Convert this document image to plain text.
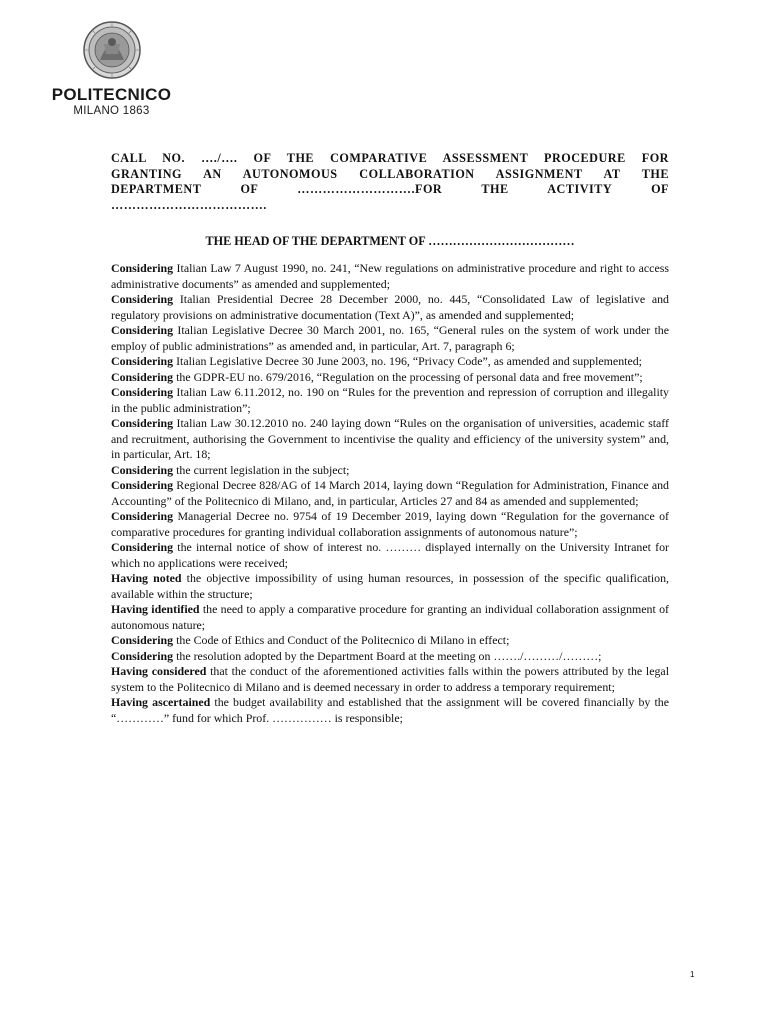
POLITECNICO
MILANO 1863

CALL NO. …./…. OF THE COMPARATIVE ASSESSMENT PROCEDURE FOR

GRANTING AN AUTONOMOUS COLLABORATION ASSIGNMENT AT THE

DEPARTMENT OF ……………………….FOR THE ACTIVITY OF

……………………………….

THE HEAD OF THE DEPARTMENT OF ………………………………

Considering Italian Law 7 August 1990, no. 241, “New regulations on administrative procedure and right to access administrative documents” as amended and supplemented;

Considering Italian Presidential Decree 28 December 2000, no. 445, “Consolidated Law of legislative and regulatory provisions on administrative documentation (Text A)”, as amended and supplemented;

Considering Italian Legislative Decree 30 March 2001, no. 165, “General rules on the system of work under the employ of public administrations” as amended and, in particular, Art. 7, paragraph 6;

Considering Italian Legislative Decree 30 June 2003, no. 196, “Privacy Code”, as amended and supplemented;

Considering the GDPR-EU no. 679/2016, “Regulation on the processing of personal data and free movement”;

Considering Italian Law 6.11.2012, no. 190 on “Rules for the prevention and repression of corruption and illegality in the public administration”;

Considering Italian Law 30.12.2010 no. 240 laying down “Rules on the organisation of universities, academic staff and recruitment, authorising the Government to incentivise the quality and efficiency of the university system” and, in particular, Art. 18;

Considering the current legislation in the subject;

Considering Regional Decree 828/AG of 14 March 2014, laying down “Regulation for Administration, Finance and Accounting” of the Politecnico di Milano, and, in particular, Articles 27 and 84 as amended and supplemented;

Considering Managerial Decree no. 9754 of 19 December 2019, laying down “Regulation for the governance of comparative procedures for granting individual collaboration assignments of autonomous nature”;

Considering the internal notice of show of interest no. ……… displayed internally on the University Intranet for which no applications were received;

Having noted the objective impossibility of using human resources, in possession of the specific qualification, available within the structure;

Having identified the need to apply a comparative procedure for granting an individual collaboration assignment of autonomous nature;

Considering the Code of Ethics and Conduct of the Politecnico di Milano in effect;

Considering the resolution adopted by the Department Board at the meeting on ……./………/………;

Having considered that the conduct of the aforementioned activities falls within the powers attributed by the legal system to the Politecnico di Milano and is deemed necessary in order to address a temporary requirement;

Having ascertained the budget availability and established that the assignment will be covered financially by the “…………” fund for which Prof. …………… is responsible;

1
